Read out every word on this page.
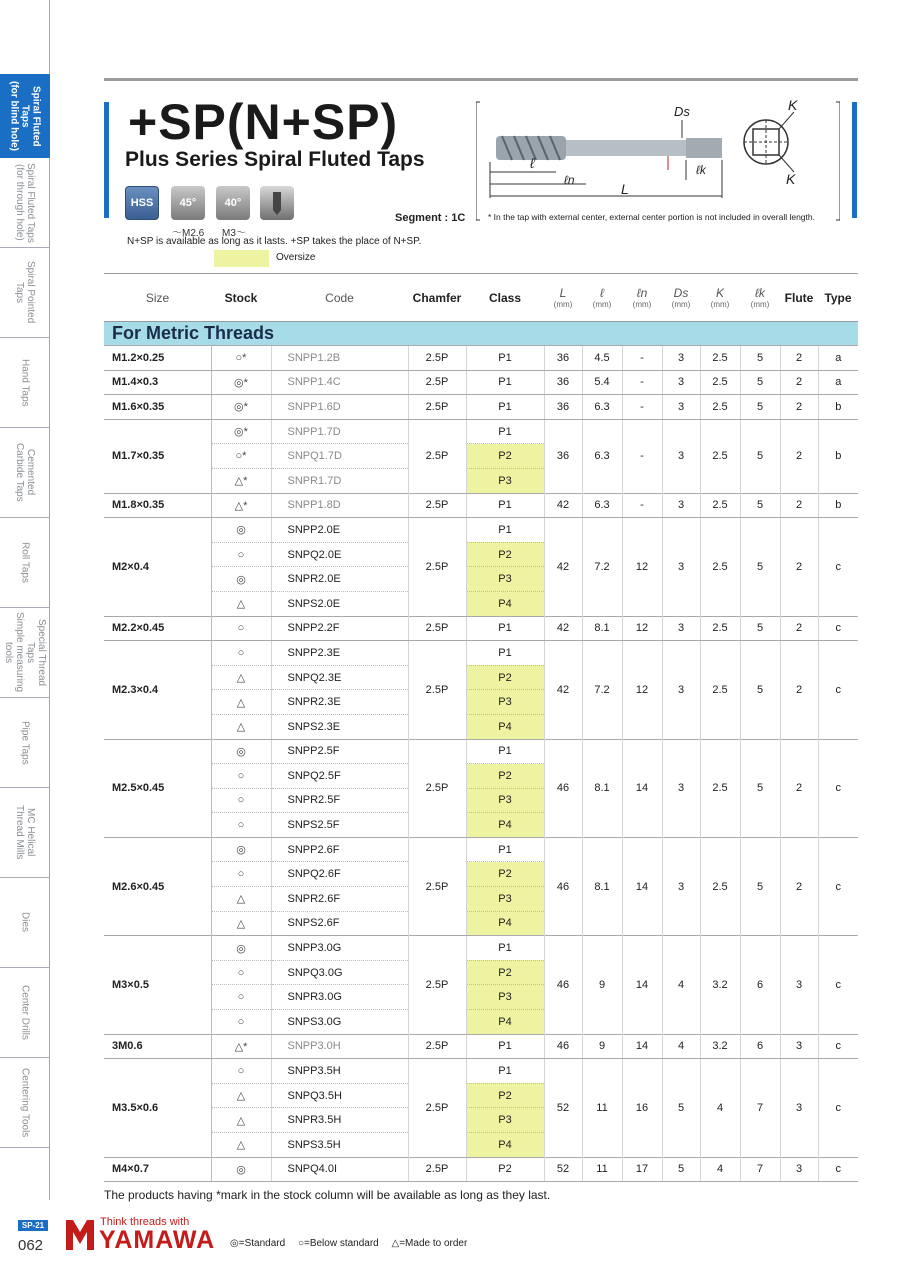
Spiral Fluted Taps
(for blind hole)
Spiral Fluted Taps
(for through hole)
Spiral Pointed
Taps
Hand Taps
Cemented
Carbide Taps
Roll Taps
Special Thread Taps
Simple measuring tools
Pipe Taps
MC Helical
Thread Mills
Dies
Center Drills
Centering Tools
+SP(N+SP)
Plus Series Spiral Fluted Taps
HSS	45°	40°
〜M2.6 M3〜
N+SP is available as long as it lasts. +SP takes the place of N+SP.
Oversize
Segment : 1C
ℓ
ℓn
L
ℓk
Ds	K
K
* In the tap with external center, external center portion is not included in overall length.
Size	Stock	Code	Chamfer	Class	L
(mm)	ℓ
(mm)	ℓn
(mm)	Ds
(mm)	K
(mm)	ℓk
(mm)	Flute	Type
For Metric Threads												
M1.2×0.25	○*	SNPP1.2B	2.5P	P1	36	4.5	-	3	2.5	5	2	a
M1.4×0.3	◎*	SNPP1.4C	2.5P	P1	36	5.4	-	3	2.5	5	2	a
M1.6×0.35	◎*	SNPP1.6D	2.5P	P1	36	6.3	-	3	2.5	5	2	b
M1.7×0.35	◎*	SNPP1.7D	2.5P	P1	36	6.3	-	3	2.5	5	2	b
	○*	SNPQ1.7D		P2								
	△*	SNPR1.7D		P3								
M1.8×0.35	△*	SNPP1.8D	2.5P	P1	42	6.3	-	3	2.5	5	2	b
M2×0.4	◎	SNPP2.0E	2.5P	P1	42	7.2	12	3	2.5	5	2	c
	○	SNPQ2.0E		P2								
	◎	SNPR2.0E		P3								
	△	SNPS2.0E		P4								
M2.2×0.45	○	SNPP2.2F	2.5P	P1	42	8.1	12	3	2.5	5	2	c
M2.3×0.4	○	SNPP2.3E	2.5P	P1	42	7.2	12	3	2.5	5	2	c
	△	SNPQ2.3E		P2								
	△	SNPR2.3E		P3								
	△	SNPS2.3E		P4								
M2.5×0.45	◎	SNPP2.5F	2.5P	P1	46	8.1	14	3	2.5	5	2	c
	○	SNPQ2.5F		P2								
	○	SNPR2.5F		P3								
	○	SNPS2.5F		P4								
M2.6×0.45	◎	SNPP2.6F	2.5P	P1	46	8.1	14	3	2.5	5	2	c
	○	SNPQ2.6F		P2								
	△	SNPR2.6F		P3								
	△	SNPS2.6F		P4								
M3×0.5	◎	SNPP3.0G	2.5P	P1	46	9	14	4	3.2	6	3	c
	○	SNPQ3.0G		P2								
	○	SNPR3.0G		P3								
	○	SNPS3.0G		P4								
3M0.6	△*	SNPP3.0H	2.5P	P1	46	9	14	4	3.2	6	3	c
M3.5×0.6	○	SNPP3.5H	2.5P	P1	52	11	16	5	4	7	3	c
	△	SNPQ3.5H		P2								
	△	SNPR3.5H		P3								
	△	SNPS3.5H		P4								
M4×0.7	◎	SNPQ4.0I	2.5P	P2	52	11	17	5	4	7	3	c
The products having *mark in the stock column will be available as long as they last.
SP-21
062
Think threads with
YAMAWA ◎=Standard ○=Below standard △=Made to order
